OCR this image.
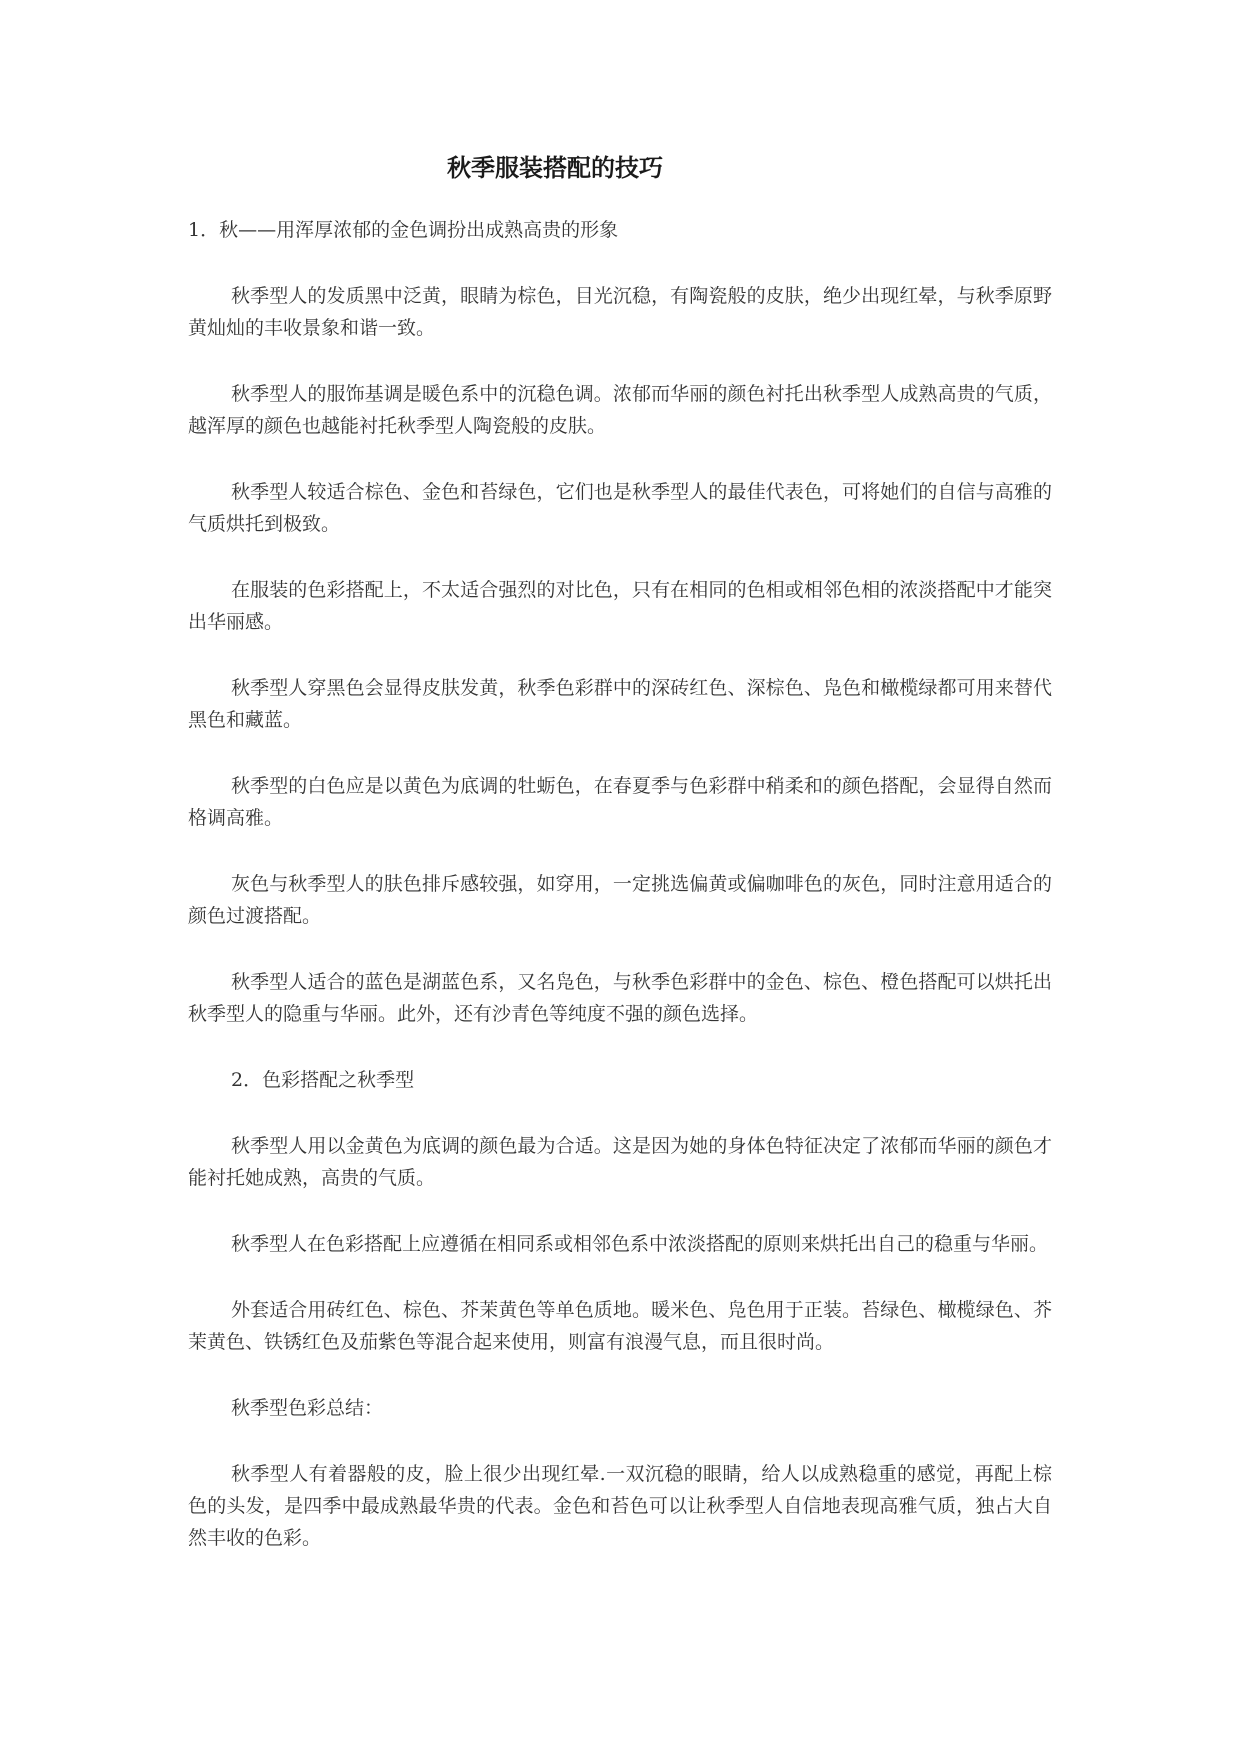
秋季服装搭配的技巧

1．秋——用浑厚浓郁的金色调扮出成熟高贵的形象

秋季型人的发质黑中泛黄，眼睛为棕色，目光沉稳，有陶瓷般的皮肤，绝少出现红晕，与秋季原野黄灿灿的丰收景象和谐一致。

秋季型人的服饰基调是暖色系中的沉稳色调。浓郁而华丽的颜色衬托出秋季型人成熟高贵的气质，越浑厚的颜色也越能衬托秋季型人陶瓷般的皮肤。

秋季型人较适合棕色、金色和苔绿色，它们也是秋季型人的最佳代表色，可将她们的自信与高雅的气质烘托到极致。

在服装的色彩搭配上，不太适合强烈的对比色，只有在相同的色相或相邻色相的浓淡搭配中才能突出华丽感。

秋季型人穿黑色会显得皮肤发黄，秋季色彩群中的深砖红色、深棕色、凫色和橄榄绿都可用来替代黑色和藏蓝。

秋季型的白色应是以黄色为底调的牡蛎色，在春夏季与色彩群中稍柔和的颜色搭配，会显得自然而格调高雅。

灰色与秋季型人的肤色排斥感较强，如穿用，一定挑选偏黄或偏咖啡色的灰色，同时注意用适合的颜色过渡搭配。

秋季型人适合的蓝色是湖蓝色系，又名凫色，与秋季色彩群中的金色、棕色、橙色搭配可以烘托出秋季型人的隐重与华丽。此外，还有沙青色等纯度不强的颜色选择。

2．色彩搭配之秋季型

秋季型人用以金黄色为底调的颜色最为合适。这是因为她的身体色特征决定了浓郁而华丽的颜色才能衬托她成熟，高贵的气质。

秋季型人在色彩搭配上应遵循在相同系或相邻色系中浓淡搭配的原则来烘托出自己的稳重与华丽。

外套适合用砖红色、棕色、芥茉黄色等单色质地。暖米色、凫色用于正装。苔绿色、橄榄绿色、芥茉黄色、铁锈红色及茄紫色等混合起来使用，则富有浪漫气息，而且很时尚。

秋季型色彩总结：

秋季型人有着器般的皮，脸上很少出现红晕.一双沉稳的眼睛，给人以成熟稳重的感觉，再配上棕色的头发，是四季中最成熟最华贵的代表。金色和苔色可以让秋季型人自信地表现高雅气质，独占大自然丰收的色彩。
